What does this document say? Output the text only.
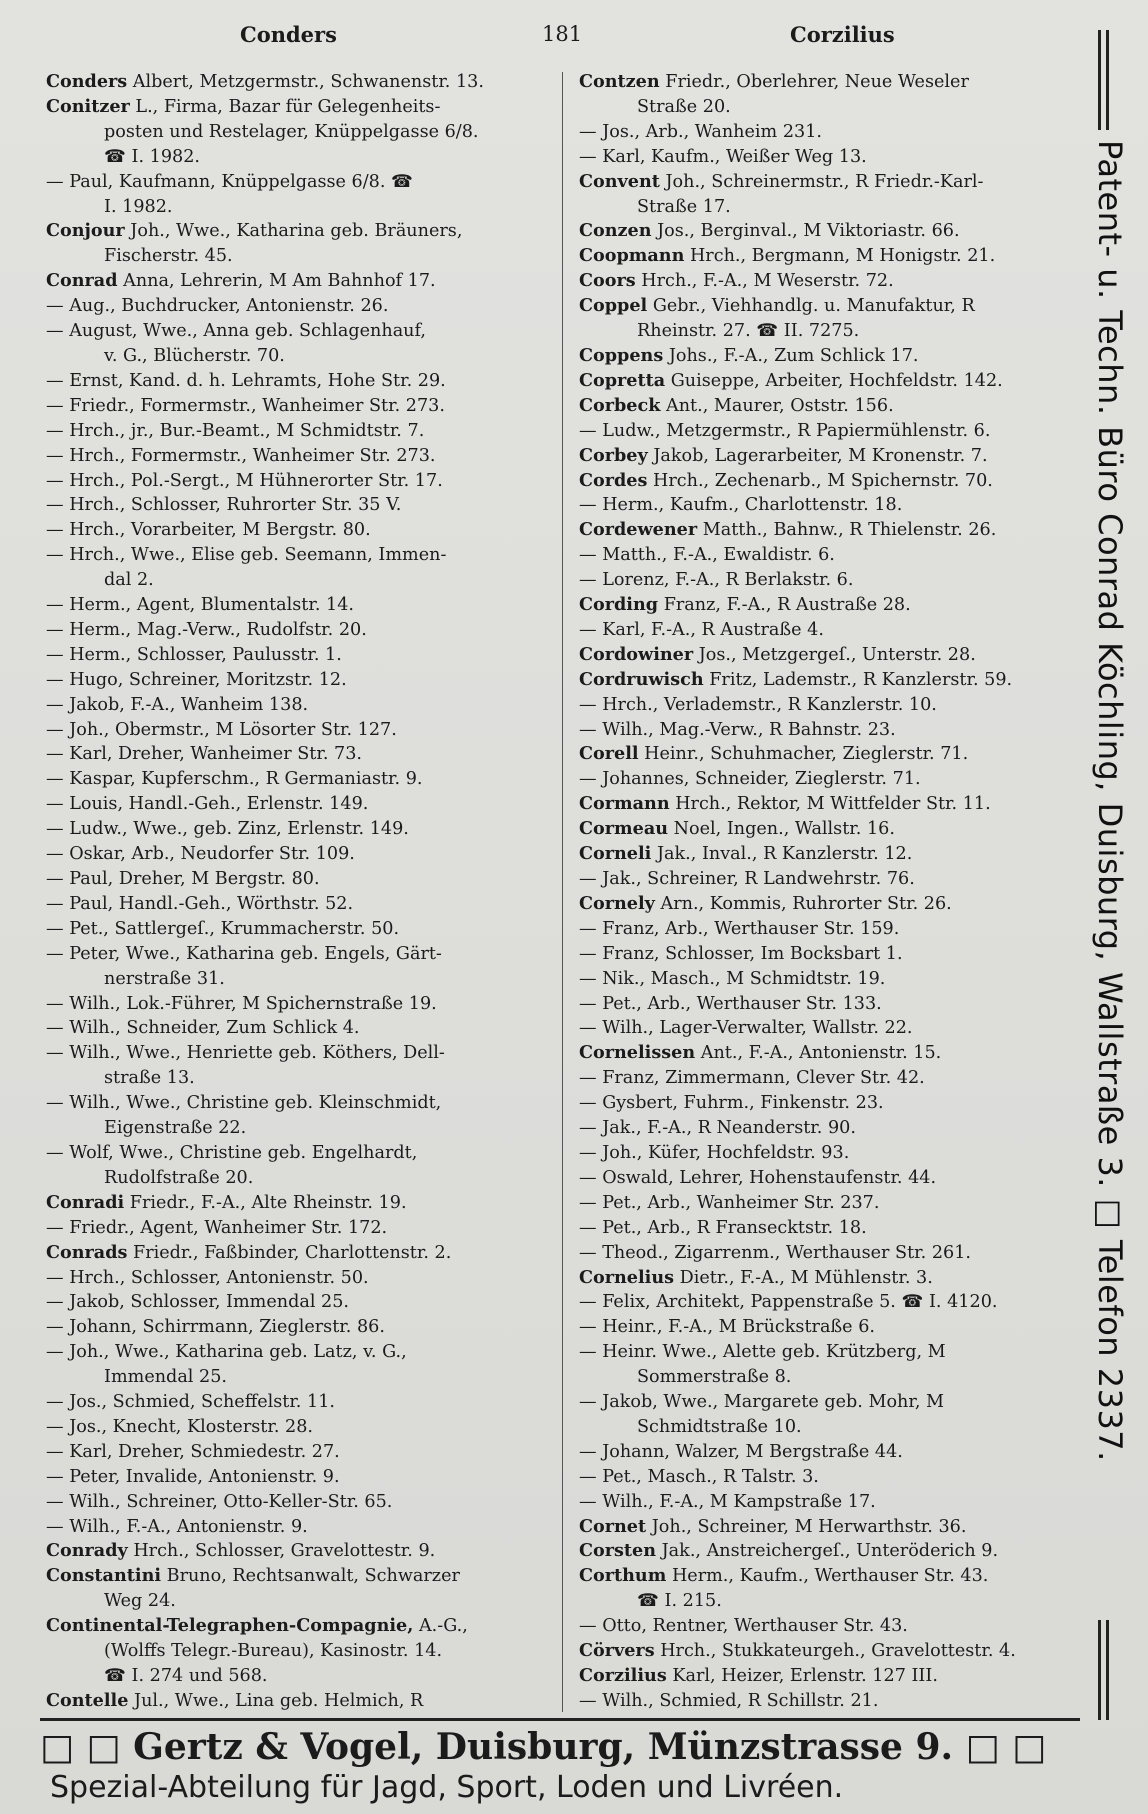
Conders	181	Corzilius
Conders Albert, Metzgermstr., Schwanenstr. 13.
Conitzer L., Firma, Bazar für Gelegenheits-
posten und Restelager, Knüppelgasse 6/8.
☎ I. 1982.
— Paul, Kaufmann, Knüppelgasse 6/8. ☎
I. 1982.
Conjour Joh., Wwe., Katharina geb. Bräuners,
Fischerstr. 45.
Conrad Anna, Lehrerin, M Am Bahnhof 17.
— Aug., Buchdrucker, Antonienstr. 26.
— August, Wwe., Anna geb. Schlagenhauf,
v. G., Blücherstr. 70.
— Ernst, Kand. d. h. Lehramts, Hohe Str. 29.
— Friedr., Formermstr., Wanheimer Str. 273.
— Hrch., jr., Bur.-Beamt., M Schmidtstr. 7.
— Hrch., Formermstr., Wanheimer Str. 273.
— Hrch., Pol.-Sergt., M Hühnerorter Str. 17.
— Hrch., Schlosser, Ruhrorter Str. 35 V.
— Hrch., Vorarbeiter, M Bergstr. 80.
— Hrch., Wwe., Elise geb. Seemann, Immen-
dal 2.
— Herm., Agent, Blumentalstr. 14.
— Herm., Mag.-Verw., Rudolfstr. 20.
— Herm., Schlosser, Paulusstr. 1.
— Hugo, Schreiner, Moritzstr. 12.
— Jakob, F.-A., Wanheim 138.
— Joh., Obermstr., M Lösorter Str. 127.
— Karl, Dreher, Wanheimer Str. 73.
— Kaspar, Kupferschm., R Germaniastr. 9.
— Louis, Handl.-Geh., Erlenstr. 149.
— Ludw., Wwe., geb. Zinz, Erlenstr. 149.
— Oskar, Arb., Neudorfer Str. 109.
— Paul, Dreher, M Bergstr. 80.
— Paul, Handl.-Geh., Wörthstr. 52.
— Pet., Sattlergeſ., Krummacherstr. 50.
— Peter, Wwe., Katharina geb. Engels, Gärt-
nerstraße 31.
— Wilh., Lok.-Führer, M Spichernstraße 19.
— Wilh., Schneider, Zum Schlick 4.
— Wilh., Wwe., Henriette geb. Köthers, Dell-
straße 13.
— Wilh., Wwe., Christine geb. Kleinschmidt,
Eigenstraße 22.
— Wolf, Wwe., Christine geb. Engelhardt,
Rudolfstraße 20.
Conradi Friedr., F.-A., Alte Rheinstr. 19.
— Friedr., Agent, Wanheimer Str. 172.
Conrads Friedr., Faßbinder, Charlottenstr. 2.
— Hrch., Schlosser, Antonienstr. 50.
— Jakob, Schlosser, Immendal 25.
— Johann, Schirrmann, Zieglerstr. 86.
— Joh., Wwe., Katharina geb. Latz, v. G.,
Immendal 25.
— Jos., Schmied, Scheffelstr. 11.
— Jos., Knecht, Klosterstr. 28.
— Karl, Dreher, Schmiedestr. 27.
— Peter, Invalide, Antonienstr. 9.
— Wilh., Schreiner, Otto-Keller-Str. 65.
— Wilh., F.-A., Antonienstr. 9.
Conrady Hrch., Schlosser, Gravelottestr. 9.
Constantini Bruno, Rechtsanwalt, Schwarzer
Weg 24.
Continental-Telegraphen-Compagnie, A.-G.,
(Wolffs Telegr.-Bureau), Kasinostr. 14.
☎ I. 274 und 568.
Contelle Jul., Wwe., Lina geb. Helmich, R
Contzen Friedr., Oberlehrer, Neue Weseler
Straße 20.
— Jos., Arb., Wanheim 231.
— Karl, Kaufm., Weißer Weg 13.
Convent Joh., Schreinermstr., R Friedr.-Karl-
Straße 17.
Conzen Jos., Berginval., M Viktoriastr. 66.
Coopmann Hrch., Bergmann, M Honigstr. 21.
Coors Hrch., F.-A., M Weserstr. 72.
Coppel Gebr., Viehhandlg. u. Manufaktur, R
Rheinstr. 27. ☎ II. 7275.
Coppens Johs., F.-A., Zum Schlick 17.
Copretta Guiseppe, Arbeiter, Hochfeldstr. 142.
Corbeck Ant., Maurer, Oststr. 156.
— Ludw., Metzgermstr., R Papiermühlenstr. 6.
Corbey Jakob, Lagerarbeiter, M Kronenstr. 7.
Cordes Hrch., Zechenarb., M Spichernstr. 70.
— Herm., Kaufm., Charlottenstr. 18.
Cordewener Matth., Bahnw., R Thielenstr. 26.
— Matth., F.-A., Ewaldistr. 6.
— Lorenz, F.-A., R Berlakstr. 6.
Cording Franz, F.-A., R Austraße 28.
— Karl, F.-A., R Austraße 4.
Cordowiner Jos., Metzgergeſ., Unterstr. 28.
Cordruwisch Fritz, Lademstr., R Kanzlerstr. 59.
— Hrch., Verlademstr., R Kanzlerstr. 10.
— Wilh., Mag.-Verw., R Bahnstr. 23.
Corell Heinr., Schuhmacher, Zieglerstr. 71.
— Johannes, Schneider, Zieglerstr. 71.
Cormann Hrch., Rektor, M Wittfelder Str. 11.
Cormeau Noel, Ingen., Wallstr. 16.
Corneli Jak., Inval., R Kanzlerstr. 12.
— Jak., Schreiner, R Landwehrstr. 76.
Cornely Arn., Kommis, Ruhrorter Str. 26.
— Franz, Arb., Werthauser Str. 159.
— Franz, Schlosser, Im Bocksbart 1.
— Nik., Masch., M Schmidtstr. 19.
— Pet., Arb., Werthauser Str. 133.
— Wilh., Lager-Verwalter, Wallstr. 22.
Cornelissen Ant., F.-A., Antonienstr. 15.
— Franz, Zimmermann, Clever Str. 42.
— Gysbert, Fuhrm., Finkenstr. 23.
— Jak., F.-A., R Neanderstr. 90.
— Joh., Küfer, Hochfeldstr. 93.
— Oswald, Lehrer, Hohenstaufenstr. 44.
— Pet., Arb., Wanheimer Str. 237.
— Pet., Arb., R Fransecktstr. 18.
— Theod., Zigarrenm., Werthauser Str. 261.
Cornelius Dietr., F.-A., M Mühlenstr. 3.
— Felix, Architekt, Pappenstraße 5. ☎ I. 4120.
— Heinr., F.-A., M Brückstraße 6.
— Heinr. Wwe., Alette geb. Krützberg, M
Sommerstraße 8.
— Jakob, Wwe., Margarete geb. Mohr, M
Schmidtstraße 10.
— Johann, Walzer, M Bergstraße 44.
— Pet., Masch., R Talstr. 3.
— Wilh., F.-A., M Kampstraße 17.
Cornet Joh., Schreiner, M Herwarthstr. 36.
Corsten Jak., Anstreichergeſ., Unteröderich 9.
Corthum Herm., Kaufm., Werthauser Str. 43.
☎ I. 215.
— Otto, Rentner, Werthauser Str. 43.
Cörvers Hrch., Stukkateurgeh., Gravelottestr. 4.
Corzilius Karl, Heizer, Erlenstr. 127 III.
— Wilh., Schmied, R Schillstr. 21.
Patent- u. Techn. Büro Conrad Köchling, Duisburg, Wallstraße 3. □ Telefon 2337.
□ □ Gertz & Vogel, Duisburg, Münzstrasse 9. □ □
Spezial-Abteilung für Jagd, Sport, Loden und Livréen.
